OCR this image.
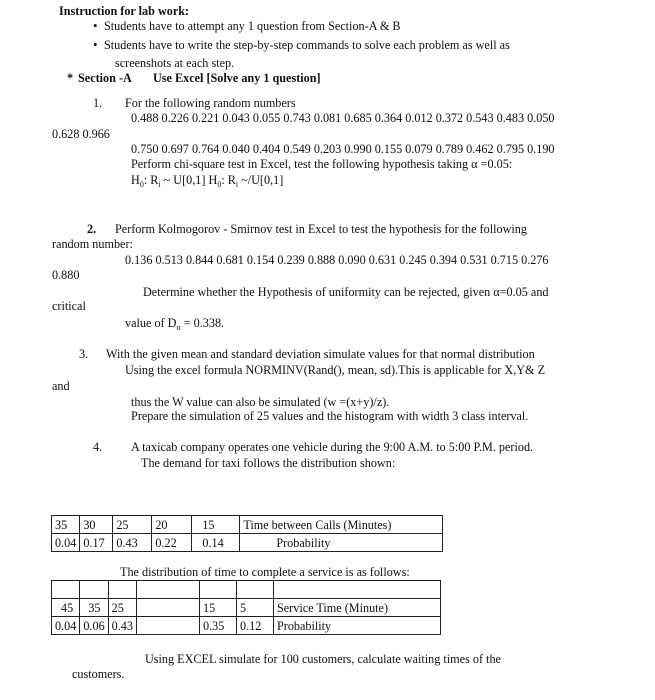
Instruction for lab work:
• Students have to attempt any 1 question from Section-A & B
• Students have to write the step-by-step commands to solve each problem as well as
screenshots at each step.
* Section -A Use Excel [Solve any 1 question]
1. For the following random numbers
0.488 0.226 0.221 0.043 0.055 0.743 0.081 0.685 0.364 0.012 0.372 0.543 0.483 0.050
0.628 0.966
0.750 0.697 0.764 0.040 0.404 0.549 0.203 0.990 0.155 0.079 0.789 0.462 0.795 0.190
Perform chi-square test in Excel, test the following hypothesis taking α =0.05:
$H_0$: $R_i$ ~ U[0,1] $H_0$: $R_i$ ~/U[0,1]
2. Perform Kolmogorov - Smirnov test in Excel to test the hypothesis for the following
random number:
0.136 0.513 0.844 0.681 0.154 0.239 0.888 0.090 0.631 0.245 0.394 0.531 0.715 0.276
0.880
Determine whether the Hypothesis of uniformity can be rejected, given α=0.05 and
critical
value of $D_\alpha = 0.338$.
3. With the given mean and standard deviation simulate values for that normal distribution
Using the excel formula NORMINV(Rand(), mean, sd).This is applicable for X,Y& Z
and
thus the W value can also be simulated (w =(x+y)/z).
Prepare the simulation of 25 values and the histogram with width 3 class interval.
4. A taxicab company operates one vehicle during the 9:00 A.M. to 5:00 P.M. period.
The demand for taxi follows the distribution shown:
35	30	25	20	15	Time between Calls (Minutes)
0.04	0.17	0.43	0.22	0.14	Probability
The distribution of time to complete a service is as follows:

45	35	25		15	5	Service Time (Minute)
0.04	0.06	0.43		0.35	0.12	Probability
Using EXCEL simulate for 100 customers, calculate waiting times of the
customers.
